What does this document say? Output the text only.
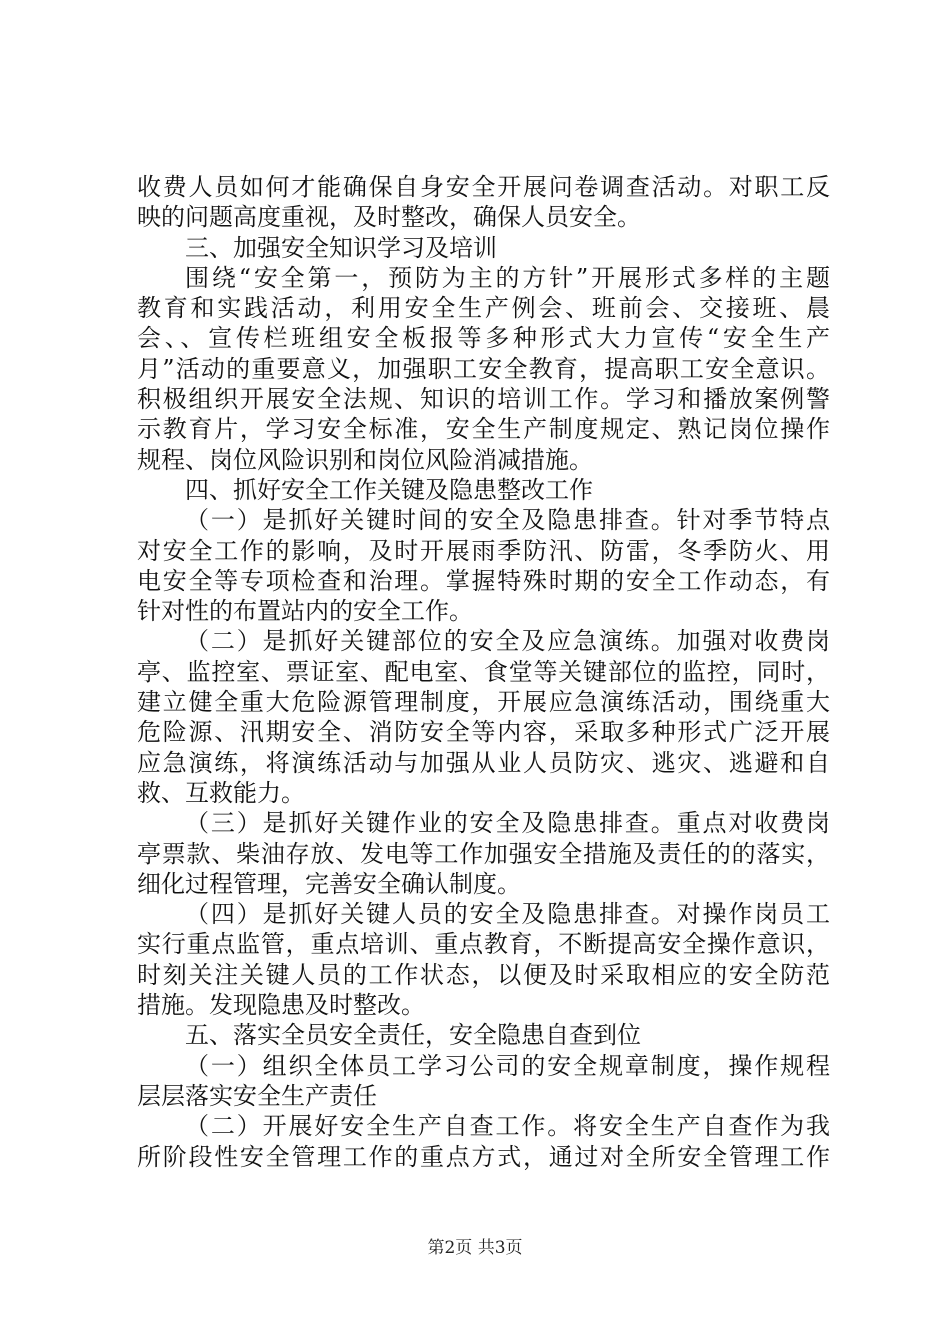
收费人员如何才能确保自身安全开展问卷调查活动。对职工反
映的问题高度重视，及时整改，确保人员安全。
三、加强安全知识学习及培训
围绕“安全第一，预防为主的方针”开展形式多样的主题
教育和实践活动，利用安全生产例会、班前会、交接班、晨
会、、宣传栏班组安全板报等多种形式大力宣传“安全生产
月”活动的重要意义，加强职工安全教育，提高职工安全意识。
积极组织开展安全法规、知识的培训工作。学习和播放案例警
示教育片，学习安全标准，安全生产制度规定、熟记岗位操作
规程、岗位风险识别和岗位风险消减措施。
四、抓好安全工作关键及隐患整改工作
（一）是抓好关键时间的安全及隐患排查。针对季节特点
对安全工作的影响，及时开展雨季防汛、防雷，冬季防火、用
电安全等专项检查和治理。掌握特殊时期的安全工作动态，有
针对性的布置站内的安全工作。
（二）是抓好关键部位的安全及应急演练。加强对收费岗
亭、监控室、票证室、配电室、食堂等关键部位的监控，同时，
建立健全重大危险源管理制度，开展应急演练活动，围绕重大
危险源、汛期安全、消防安全等内容，采取多种形式广泛开展
应急演练，将演练活动与加强从业人员防灾、逃灾、逃避和自
救、互救能力。
（三）是抓好关键作业的安全及隐患排查。重点对收费岗
亭票款、柴油存放、发电等工作加强安全措施及责任的的落实，
细化过程管理，完善安全确认制度。
（四）是抓好关键人员的安全及隐患排查。对操作岗员工
实行重点监管，重点培训、重点教育，不断提高安全操作意识，
时刻关注关键人员的工作状态，以便及时采取相应的安全防范
措施。发现隐患及时整改。
五、落实全员安全责任，安全隐患自查到位
（一）组织全体员工学习公司的安全规章制度，操作规程
层层落实安全生产责任
（二）开展好安全生产自查工作。将安全生产自查作为我
所阶段性安全管理工作的重点方式，通过对全所安全管理工作
第2页 共3页
